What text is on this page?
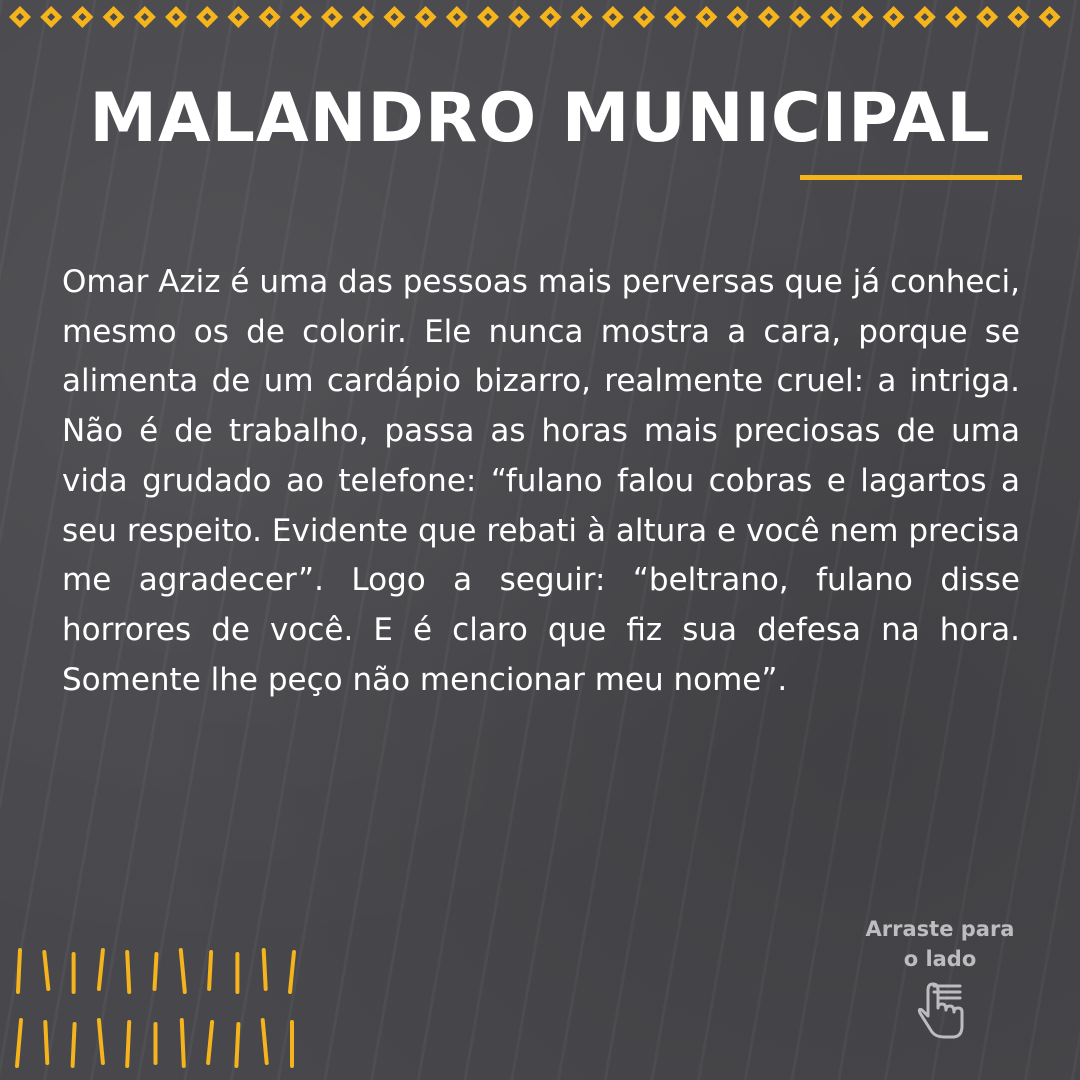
MALANDRO MUNICIPAL

Omar Aziz é uma das pessoas mais perversas que já conheci, mesmo os de colorir. Ele nunca mostra a cara, porque se alimenta de um cardápio bizarro, realmente cruel: a intriga. Não é de trabalho, passa as horas mais preciosas de uma vida grudado ao telefone: “fulano falou cobras e lagartos a seu respeito. Evidente que rebati à altura e você nem precisa me agradecer”. Logo a seguir: “beltrano, fulano disse horrores de você. E é claro que fiz sua defesa na hora. Somente lhe peço não mencionar meu nome”.

Arraste para
o lado
